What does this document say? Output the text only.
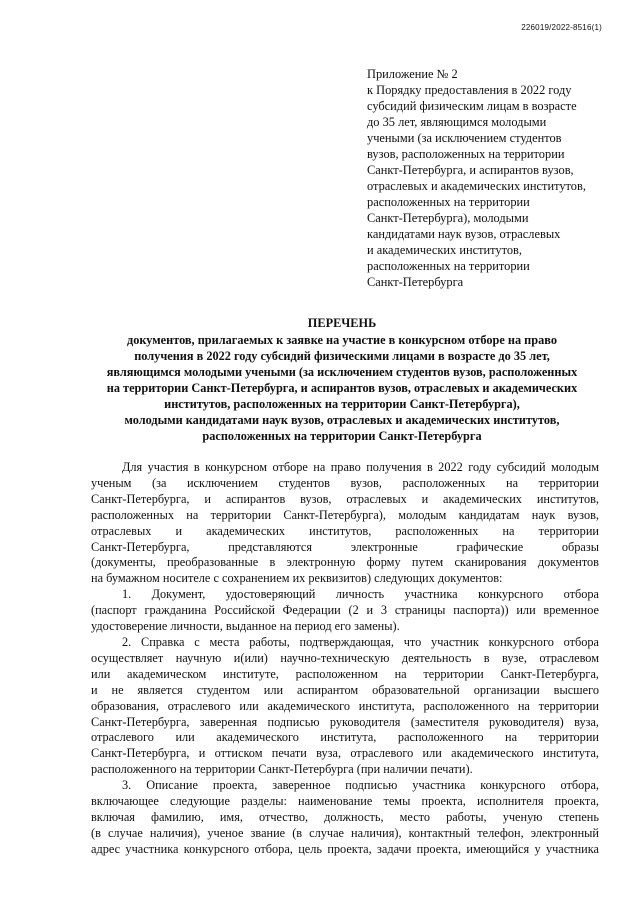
226019/2022-8516(1)
Приложение № 2
к Порядку предоставления в 2022 году
субсидий физическим лицам в возрасте
до 35 лет, являющимся молодыми
учеными (за исключением студентов
вузов, расположенных на территории
Санкт-Петербурга, и аспирантов вузов,
отраслевых и академических институтов,
расположенных на территории
Санкт-Петербурга), молодыми
кандидатами наук вузов, отраслевых
и академических институтов,
расположенных на территории
Санкт-Петербурга
ПЕРЕЧЕНЬ
документов, прилагаемых к заявке на участие в конкурсном отборе на право
получения в 2022 году субсидий физическими лицами в возрасте до 35 лет,
являющимся молодыми учеными (за исключением студентов вузов, расположенных
на территории Санкт-Петербурга, и аспирантов вузов, отраслевых и академических
институтов, расположенных на территории Санкт-Петербурга),
молодыми кандидатами наук вузов, отраслевых и академических институтов,
расположенных на территории Санкт-Петербурга
Для участия в конкурсном отборе на право получения в 2022 году субсидий молодым
ученым (за исключением студентов вузов, расположенных на территории
Санкт-Петербурга, и аспирантов вузов, отраслевых и академических институтов,
расположенных на территории Санкт-Петербурга), молодым кандидатам наук вузов,
отраслевых и академических институтов, расположенных на территории
Санкт-Петербурга, представляются электронные графические образы
(документы, преобразованные в электронную форму путем сканирования документов
на бумажном носителе с сохранением их реквизитов) следующих документов:
1. Документ, удостоверяющий личность участника конкурсного отбора
(паспорт гражданина Российской Федерации (2 и 3 страницы паспорта)) или временное
удостоверение личности, выданное на период его замены).
2. Справка с места работы, подтверждающая, что участник конкурсного отбора
осуществляет научную и(или) научно-техническую деятельность в вузе, отраслевом
или академическом институте, расположенном на территории Санкт-Петербурга,
и не является студентом или аспирантом образовательной организации высшего
образования, отраслевого или академического института, расположенного на территории
Санкт-Петербурга, заверенная подписью руководителя (заместителя руководителя) вуза,
отраслевого или академического института, расположенного на территории
Санкт-Петербурга, и оттиском печати вуза, отраслевого или академического института,
расположенного на территории Санкт-Петербурга (при наличии печати).
3. Описание проекта, заверенное подписью участника конкурсного отбора,
включающее следующие разделы: наименование темы проекта, исполнителя проекта,
включая фамилию, имя, отчество, должность, место работы, ученую степень
(в случае наличия), ученое звание (в случае наличия), контактный телефон, электронный
адрес участника конкурсного отбора, цель проекта, задачи проекта, имеющийся у участника
